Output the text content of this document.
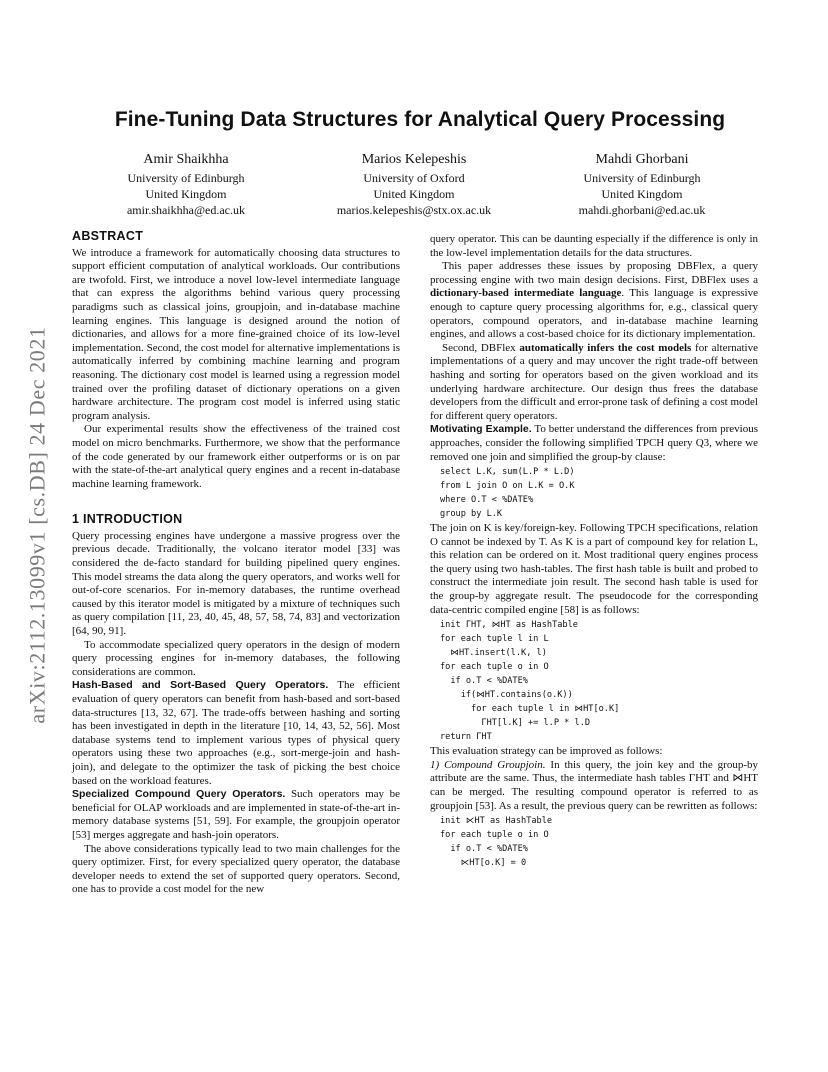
arXiv:2112.13099v1 [cs.DB] 24 Dec 2021
Fine-Tuning Data Structures for Analytical Query Processing
Amir Shaikhha
University of Edinburgh
United Kingdom
amir.shaikhha@ed.ac.uk
Marios Kelepeshis
University of Oxford
United Kingdom
marios.kelepeshis@stx.ox.ac.uk
Mahdi Ghorbani
University of Edinburgh
United Kingdom
mahdi.ghorbani@ed.ac.uk
ABSTRACT

We introduce a framework for automatically choosing data structures to support efficient computation of analytical workloads. Our contributions are twofold. First, we introduce a novel low-level intermediate language that can express the algorithms behind various query processing paradigms such as classical joins, groupjoin, and in-database machine learning engines. This language is designed around the notion of dictionaries, and allows for a more fine-grained choice of its low-level implementation. Second, the cost model for alternative implementations is automatically inferred by combining machine learning and program reasoning. The dictionary cost model is learned using a regression model trained over the profiling dataset of dictionary operations on a given hardware architecture. The program cost model is inferred using static program analysis.

Our experimental results show the effectiveness of the trained cost model on micro benchmarks. Furthermore, we show that the performance of the code generated by our framework either outperforms or is on par with the state-of-the-art analytical query engines and a recent in-database machine learning framework.

1 INTRODUCTION

Query processing engines have undergone a massive progress over the previous decade. Traditionally, the volcano iterator model [33] was considered the de-facto standard for building pipelined query engines. This model streams the data along the query operators, and works well for out-of-core scenarios. For in-memory databases, the runtime overhead caused by this iterator model is mitigated by a mixture of techniques such as query compilation [11, 23, 40, 45, 48, 57, 58, 74, 83] and vectorization [64, 90, 91].

To accommodate specialized query operators in the design of modern query processing engines for in-memory databases, the following considerations are common.

Hash-Based and Sort-Based Query Operators. The efficient evaluation of query operators can benefit from hash-based and sort-based data-structures [13, 32, 67]. The trade-offs between hashing and sorting has been investigated in depth in the literature [10, 14, 43, 52, 56]. Most database systems tend to implement various types of physical query operators using these two approaches (e.g., sort-merge-join and hash-join), and delegate to the optimizer the task of picking the best choice based on the workload features.

Specialized Compound Query Operators. Such operators may be beneficial for OLAP workloads and are implemented in state-of-the-art in-memory database systems [51, 59]. For example, the groupjoin operator [53] merges aggregate and hash-join operators.

The above considerations typically lead to two main challenges for the query optimizer. First, for every specialized query operator, the database developer needs to extend the set of supported query operators. Second, one has to provide a cost model for the new

query operator. This can be daunting especially if the difference is only in the low-level implementation details for the data structures.

This paper addresses these issues by proposing DBFlex, a query processing engine with two main design decisions. First, DBFlex uses a dictionary-based intermediate language. This language is expressive enough to capture query processing algorithms for, e.g., classical query operators, compound operators, and in-database machine learning engines, and allows a cost-based choice for its dictionary implementation.

Second, DBFlex automatically infers the cost models for alternative implementations of a query and may uncover the right trade-off between hashing and sorting for operators based on the given workload and its underlying hardware architecture. Our design thus frees the database developers from the difficult and error-prone task of defining a cost model for different query operators.

Motivating Example. To better understand the differences from previous approaches, consider the following simplified TPCH query Q3, where we removed one join and simplified the group-by clause:

select L.K, sum(L.P * L.D)
from L join O on L.K = O.K
where O.T < %DATE%
group by L.K

The join on K is key/foreign-key. Following TPCH specifications, relation O cannot be indexed by T. As K is a part of compound key for relation L, this relation can be ordered on it. Most traditional query engines process the query using two hash-tables. The first hash table is built and probed to construct the intermediate join result. The second hash table is used for the group-by aggregate result. The pseudocode for the corresponding data-centric compiled engine [58] is as follows:

init ΓHT, ⋈HT as HashTable
for each tuple l in L
⋈HT.insert(l.K, l)
for each tuple o in O
if o.T < %DATE%
if(⋈HT.contains(o.K))
for each tuple l in ⋈HT[o.K]
ΓHT[l.K] += l.P * l.D
return ΓHT

This evaluation strategy can be improved as follows:

1) Compound Groupjoin. In this query, the join key and the group-by attribute are the same. Thus, the intermediate hash tables ΓHT and ⋈HT can be merged. The resulting compound operator is referred to as groupjoin [53]. As a result, the previous query can be rewritten as follows:

init ⋉HT as HashTable
for each tuple o in O
if o.T < %DATE%
⋉HT[o.K] = 0
